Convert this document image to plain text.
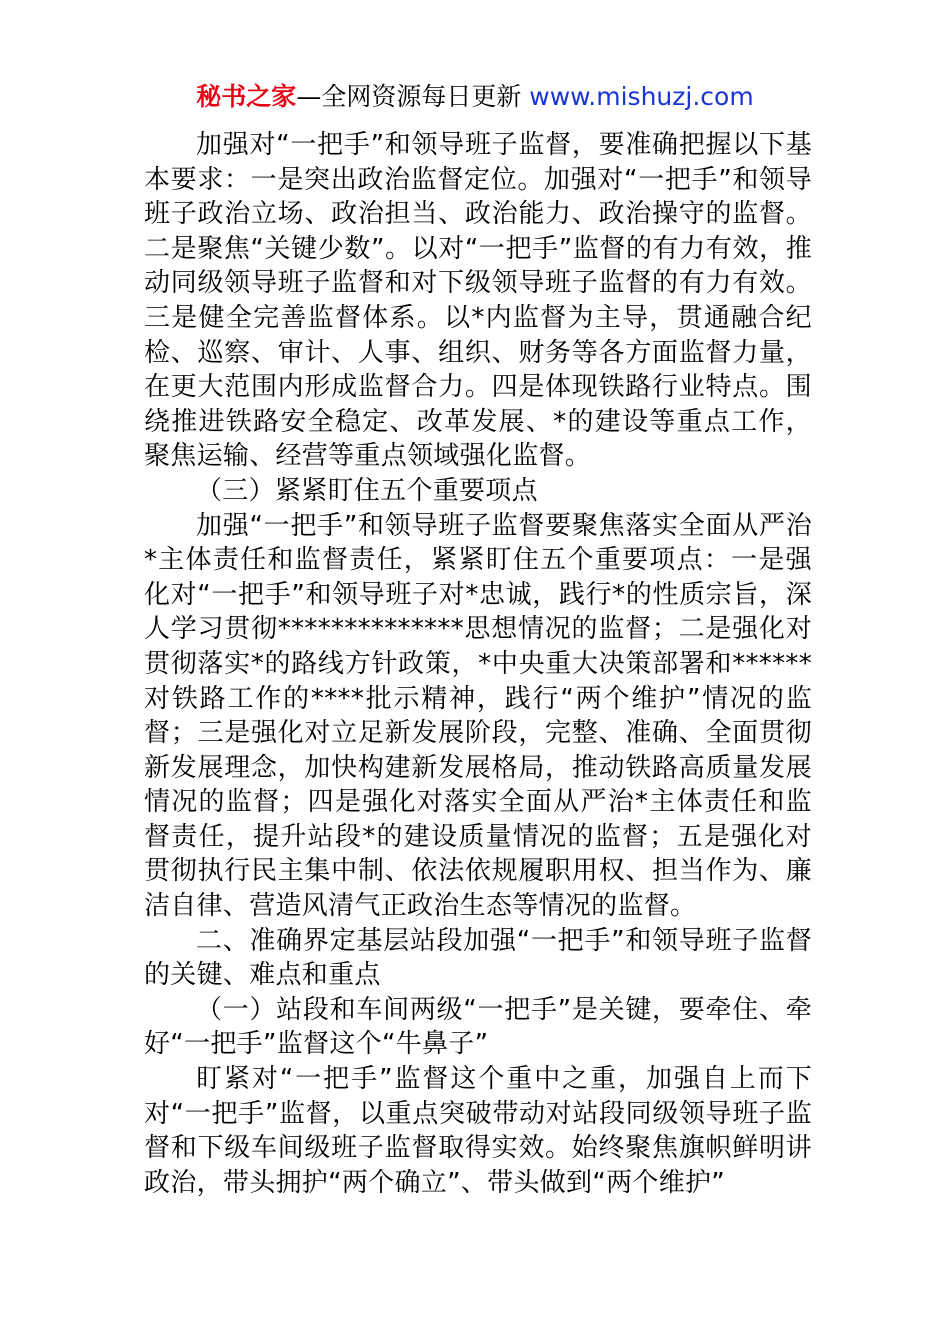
秘书之家—全网资源每日更新 www.mishuzj.com

加强对“一把手”和领导班子监督，要准确把握以下基本要求：一是突出政治监督定位。加强对“一把手”和领导班子政治立场、政治担当、政治能力、政治操守的监督。二是聚焦“关键少数”。以对“一把手”监督的有力有效，推动同级领导班子监督和对下级领导班子监督的有力有效。三是健全完善监督体系。以*内监督为主导，贯通融合纪检、巡察、审计、人事、组织、财务等各方面监督力量，在更大范围内形成监督合力。四是体现铁路行业特点。围绕推进铁路安全稳定、改革发展、*的建设等重点工作，聚焦运输、经营等重点领域强化监督。

（三）紧紧盯住五个重要项点

加强“一把手”和领导班子监督要聚焦落实全面从严治*主体责任和监督责任，紧紧盯住五个重要项点：一是强化对“一把手”和领导班子对*忠诚，践行*的性质宗旨，深人学习贯彻**************思想情况的监督；二是强化对贯彻落实*的路线方针政策，*中央重大决策部署和******对铁路工作的****批示精神，践行“两个维护”情况的监督；三是强化对立足新发展阶段，完整、准确、全面贯彻新发展理念，加快构建新发展格局，推动铁路高质量发展情况的监督；四是强化对落实全面从严治*主体责任和监督责任，提升站段*的建设质量情况的监督；五是强化对贯彻执行民主集中制、依法依规履职用权、担当作为、廉洁自律、营造风清气正政治生态等情况的监督。

二、准确界定基层站段加强“一把手”和领导班子监督的关键、难点和重点

（一）站段和车间两级“一把手”是关键，要牵住、牵好“一把手”监督这个“牛鼻子”

盯紧对“一把手”监督这个重中之重，加强自上而下对“一把手”监督，以重点突破带动对站段同级领导班子监督和下级车间级班子监督取得实效。始终聚焦旗帜鲜明讲政治，带头拥护“两个确立”、带头做到“两个维护”
